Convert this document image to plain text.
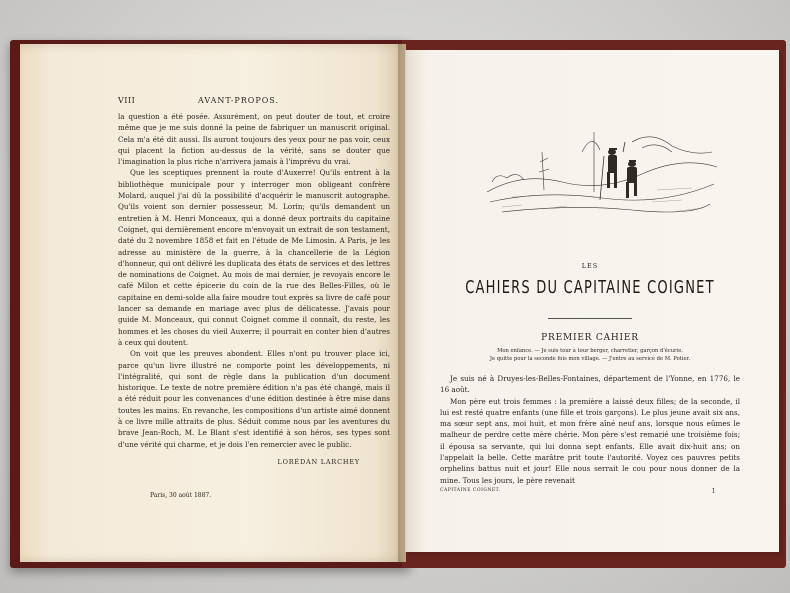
VIII	AVANT-PROPOS.

la question a été posée. Assurément, on peut douter de tout, et croire même que je me suis donné la peine de fabriquer un manuscrit original. Cela m'a été dit aussi. Ils auront toujours des yeux pour ne pas voir, ceux qui placent la fiction au-dessus de la vérité, sans se douter que l'imagination la plus riche n'arrivera jamais à l'imprévu du vrai.

Que les sceptiques prennent la route d'Auxerre! Qu'ils entrent à la bibliothèque municipale pour y interroger mon obligeant confrère Molard, auquel j'ai dû la possibilité d'acquérir le manuscrit autographe. Qu'ils voient son dernier possesseur, M. Lorin; qu'ils demandent un entretien à M. Henri Monceaux, qui a donné deux portraits du capitaine Coignet, qui dernièrement encore m'envoyait un extrait de son testament, daté du 2 novembre 1858 et fait en l'étude de Me Limosin. A Paris, je les adresse au ministère de la guerre, à la chancellerie de la Légion d'honneur, qui ont délivré les duplicata des états de services et des lettres de nominations de Coignet. Au mois de mai dernier, je revoyais encore le café Milon et cette épicerie du coin de la rue des Belles-Filles, où le capitaine en demi-solde alla faire moudre tout exprès sa livre de café pour lancer sa demande en mariage avec plus de délicatesse. J'avais pour guide M. Monceaux, qui connut Coignet comme il connaît, du reste, les hommes et les choses du vieil Auxerre; il pourrait en conter bien d'autres à ceux qui doutent.

On voit que les preuves abondent. Elles n'ont pu trouver place ici, parce qu'un livre illustré ne comporte point les développements, ni l'intégralité, qui sont de règle dans la publication d'un document historique. Le texte de notre première édition n'a pas été changé, mais il a été réduit pour les convenances d'une édition destinée à être mise dans toutes les mains. En revanche, les compositions d'un artiste aimé donnent à ce livre mille attraits de plus. Séduit comme nous par les aventures du brave Jean-Roch, M. Le Blant s'est identifié à son héros, ses types sont d'une vérité qui charme, et je dois l'en remercier avec le public.

LORÉDAN LARCHEY
Paris, 30 août 1887.
LES
CAHIERS DU CAPITAINE COIGNET
PREMIER CAHIER
Mon enfance. — Je suis tour à tour berger, charretier, garçon d'écurie.
Je quitte pour la seconde fois mon village. — J'entre au service de M. Potier.

Je suis né à Druyes-les-Belles-Fontaines, département de l'Yonne, en 1776, le 16 août.

Mon père eut trois femmes : la première a laissé deux filles; de la seconde, il lui est resté quatre enfants (une fille et trois garçons). Le plus jeune avait six ans, ma sœur sept ans, moi huit, et mon frère aîné neuf ans, lorsque nous eûmes le malheur de perdre cette mère chérie. Mon père s'est remarié une troisième fois; il épousa sa servante, qui lui donna sept enfants. Elle avait dix-huit ans; on l'appelait la belle. Cette marâtre prit toute l'autorité. Voyez ces pauvres petits orphelins battus nuit et jour! Elle nous serrait le cou pour nous donner de la mine. Tous les jours, le père revenait

CAPITAINE COIGNET.	1
